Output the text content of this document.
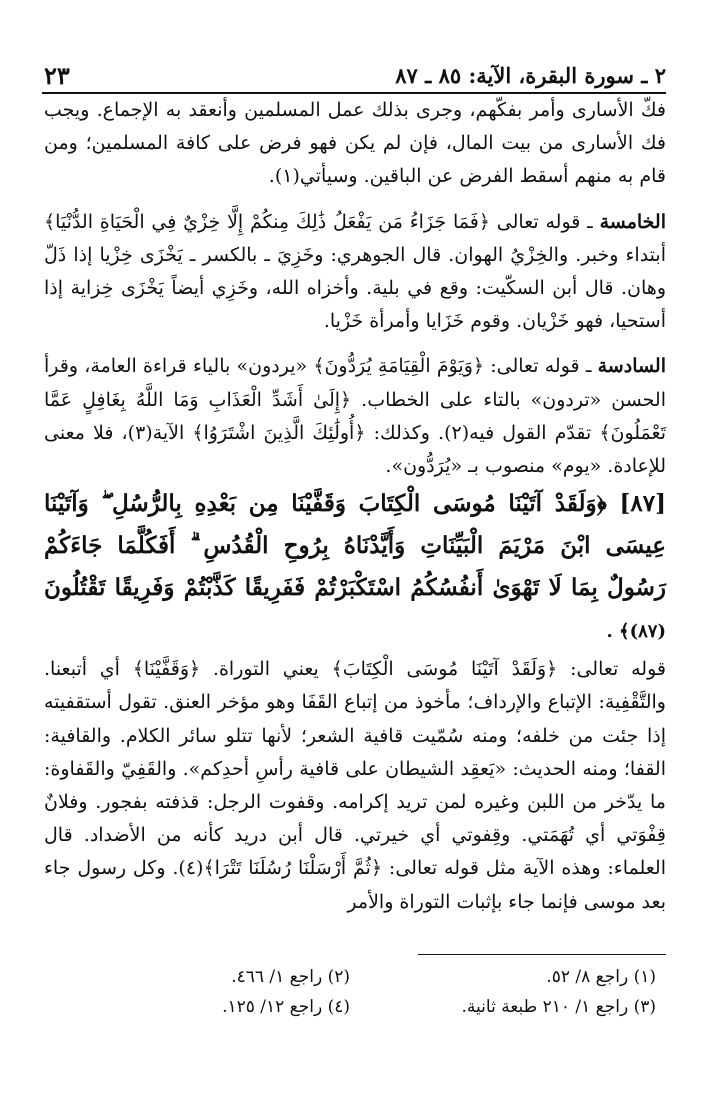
٢٣	٢ ـ سورة البقرة، الآية: ٨٥ ـ ٨٧

فكّ الأسارى وأمر بفكّهم، وجرى بذلك عمل المسلمين وأنعقد به الإجماع. ويجب فك الأسارى من بيت المال، فإن لم يكن فهو فرض على كافة المسلمين؛ ومن قام به منهم أسقط الفرض عن الباقين. وسيأتي(١).

الخامسة ـ قوله تعالى ﴿فَمَا جَزَاءُ مَن يَفْعَلُ ذَٰلِكَ مِنكُمْ إِلَّا خِزْيٌ فِي الْحَيَاةِ الدُّنْيَا﴾ أبتداء وخبر. والخِزْيُ الهوان. قال الجوهري: وخَزِيَ ـ بالكسر ـ يَخْزَى خِزْيا إذا ذَلّ وهان. قال أبن السكّيت: وقع في بلية. وأخزاه الله، وخَزِي أيضاً يَخْزَى خِزاية إذا أستحيا، فهو خَزْيان. وقوم خَزَايا وأمرأة خَزْيا.

السادسة ـ قوله تعالى: ﴿وَيَوْمَ الْقِيَامَةِ يُرَدُّونَ﴾ «يردون» بالياء قراءة العامة، وقرأ الحسن «تردون» بالتاء على الخطاب. ﴿إِلَىٰ أَشَدِّ الْعَذَابِ وَمَا اللَّهُ بِغَافِلٍ عَمَّا تَعْمَلُونَ﴾ تقدّم القول فيه(٢). وكذلك: ﴿أُولَٰئِكَ الَّذِينَ اشْتَرَوُا﴾ الآية(٣)، فلا معنى للإعادة. «يوم» منصوب بـ «يُرَدُّون».

[٨٧] ﴿وَلَقَدْ آتَيْنَا مُوسَى الْكِتَابَ وَقَفَّيْنَا مِن بَعْدِهِ بِالرُّسُلِ ۖ وَآتَيْنَا عِيسَى ابْنَ مَرْيَمَ الْبَيِّنَاتِ وَأَيَّدْنَاهُ بِرُوحِ الْقُدُسِ ۗ أَفَكُلَّمَا جَاءَكُمْ رَسُولٌ بِمَا لَا تَهْوَىٰ أَنفُسُكُمُ اسْتَكْبَرْتُمْ فَفَرِيقًا كَذَّبْتُمْ وَفَرِيقًا تَقْتُلُونَ (٨٧)﴾ .

قوله تعالى: ﴿وَلَقَدْ آتَيْنَا مُوسَى الْكِتَابَ﴾ يعني التوراة. ﴿وَقَفَّيْنَا﴾ أي أتبعنا. والتَّقْفِية: الإتباع والإرداف؛ مأخوذ من إتباع القَفَا وهو مؤخر العنق. تقول أستقفيته إذا جئت من خلفه؛ ومنه سُمّيت قافية الشعر؛ لأنها تتلو سائر الكلام. والقافية: القفا؛ ومنه الحديث: «يَعقِد الشيطان على قافية رأسِ أحدِكم». والقَفِيّ والقَفاوة: ما يدّخر من اللبن وغيره لمن تريد إكرامه. وقفوت الرجل: قذفته بفجور. وفلانٌ قِفْوَتي أي تُهَمَتي. وقِفوتي أي خيرتي. قال أبن دريد كأنه من الأضداد. قال العلماء: وهذه الآية مثل قوله تعالى: ﴿ثُمَّ أَرْسَلْنَا رُسُلَنَا تَتْرَا﴾(٤). وكل رسول جاء بعد موسى فإنما جاء بإثبات التوراة والأمر

(١) راجع ٨/ ٥٢.
(٢) راجع ١/ ٤٦٦.
(٣) راجع ١/ ٢١٠ طبعة ثانية.
(٤) راجع ١٢/ ١٢٥.
